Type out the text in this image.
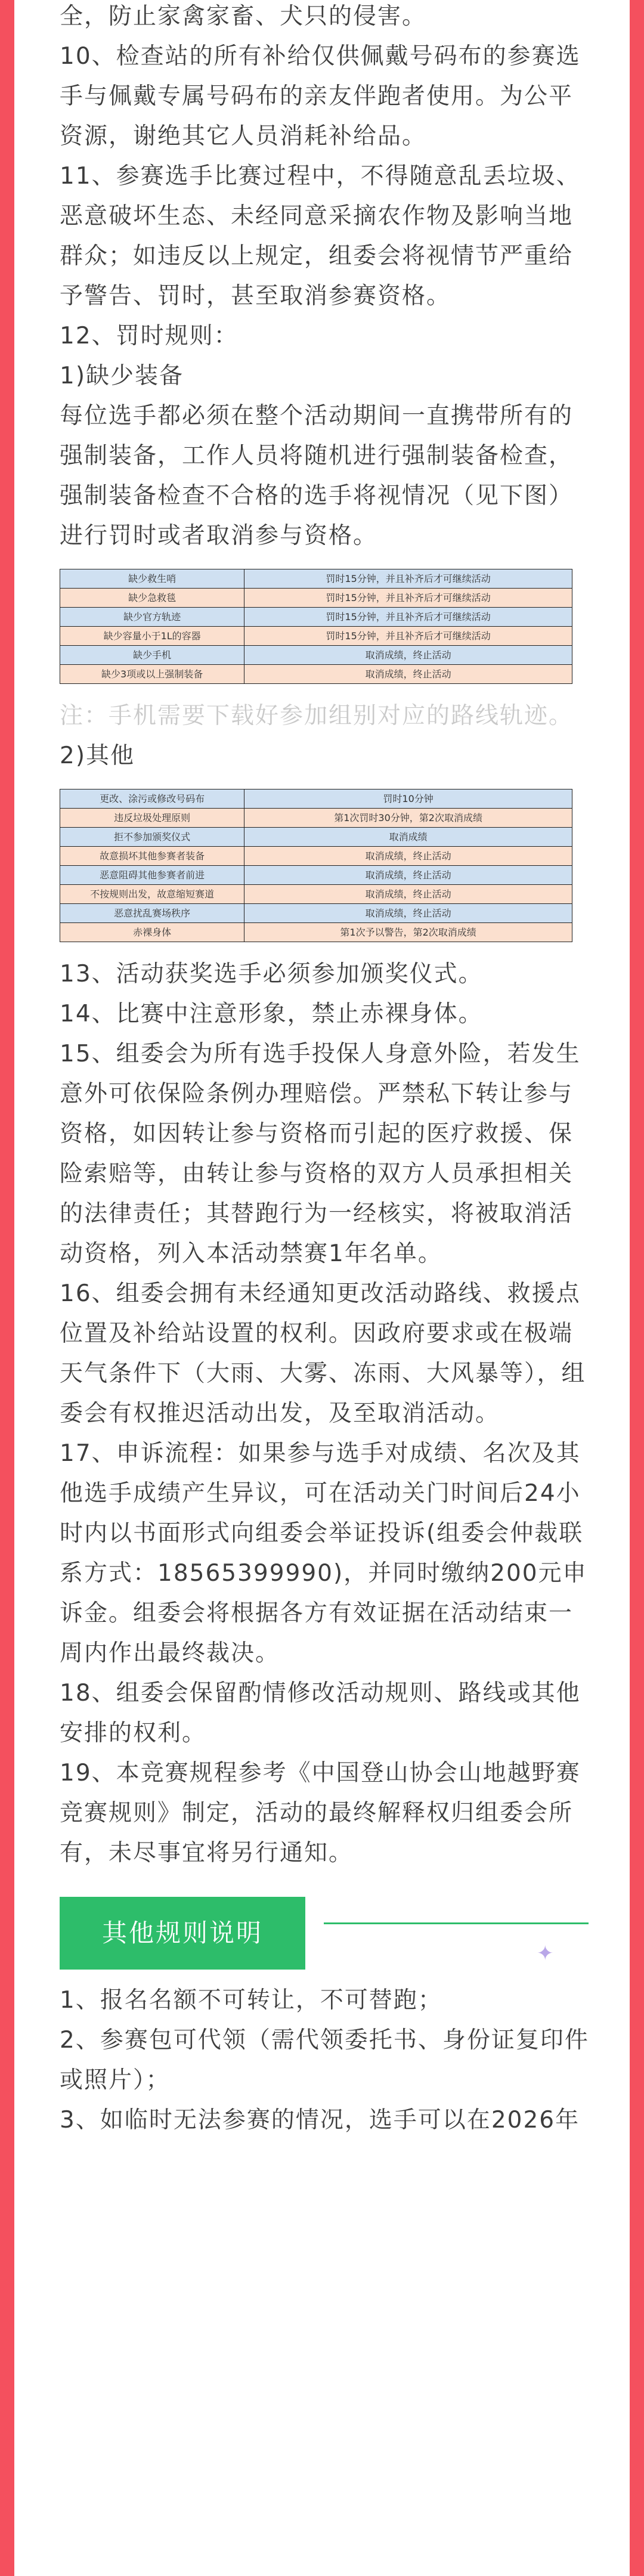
全，防止家禽家畜、犬只的侵害。

10、检查站的所有补给仅供佩戴号码布的参赛选手与佩戴专属号码布的亲友伴跑者使用。为公平资源，谢绝其它人员消耗补给品。

11、参赛选手比赛过程中，不得随意乱丢垃圾、恶意破坏生态、未经同意采摘农作物及影响当地群众；如违反以上规定，组委会将视情节严重给予警告、罚时，甚至取消参赛资格。

12、罚时规则：

1)缺少装备

每位选手都必须在整个活动期间一直携带所有的强制装备，工作人员将随机进行强制装备检查，强制装备检查不合格的选手将视情况（见下图）进行罚时或者取消参与资格。

缺少救生哨	罚时15分钟，并且补齐后才可继续活动
缺少急救毯	罚时15分钟，并且补齐后才可继续活动
缺少官方轨迹	罚时15分钟，并且补齐后才可继续活动
缺少容量小于1L的容器	罚时15分钟，并且补齐后才可继续活动
缺少手机	取消成绩，终止活动
缺少3项或以上强制装备	取消成绩，终止活动

注：手机需要下载好参加组别对应的路线轨迹。

2)其他

更改、涂污或修改号码布	罚时10分钟
违反垃圾处理原则	第1次罚时30分钟，第2次取消成绩
拒不参加颁奖仪式	取消成绩
故意损坏其他参赛者装备	取消成绩，终止活动
恶意阻碍其他参赛者前进	取消成绩，终止活动
不按规则出发，故意缩短赛道	取消成绩，终止活动
恶意扰乱赛场秩序	取消成绩，终止活动
赤裸身体	第1次予以警告，第2次取消成绩

13、活动获奖选手必须参加颁奖仪式。

14、比赛中注意形象，禁止赤裸身体。

15、组委会为所有选手投保人身意外险，若发生意外可依保险条例办理赔偿。严禁私下转让参与资格，如因转让参与资格而引起的医疗救援、保险索赔等，由转让参与资格的双方人员承担相关的法律责任；其替跑行为一经核实，将被取消活动资格，列入本活动禁赛1年名单。

16、组委会拥有未经通知更改活动路线、救援点位置及补给站设置的权利。因政府要求或在极端天气条件下（大雨、大雾、冻雨、大风暴等），组委会有权推迟活动出发，及至取消活动。

17、申诉流程：如果参与选手对成绩、名次及其他选手成绩产生异议，可在活动关门时间后24小时内以书面形式向组委会举证投诉(组委会仲裁联系方式：18565399990)，并同时缴纳200元申诉金。组委会将根据各方有效证据在活动结束一周内作出最终裁决。

18、组委会保留酌情修改活动规则、路线或其他安排的权利。

19、本竞赛规程参考《中国登山协会山地越野赛竞赛规则》制定，活动的最终解释权归组委会所有，未尽事宜将另行通知。

其他规则说明
✦

1、报名名额不可转让，不可替跑；

2、参赛包可代领（需代领委托书、身份证复印件或照片）；

3、如临时无法参赛的情况，选手可以在2026年
